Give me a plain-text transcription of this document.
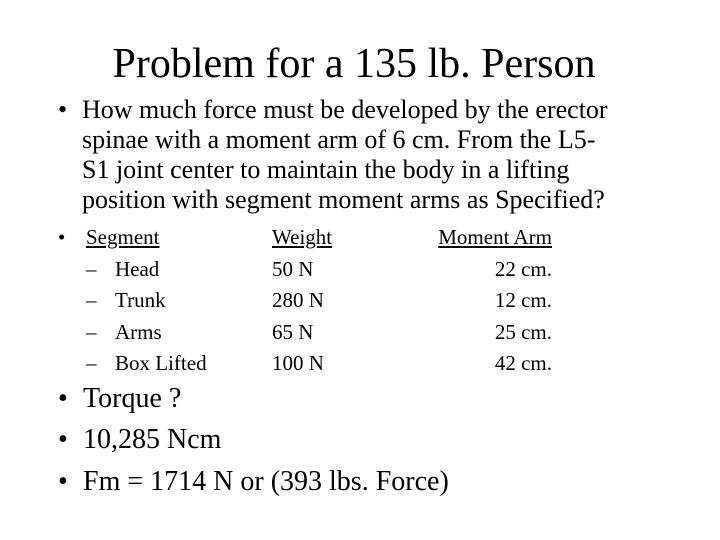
Problem for a 135 lb. Person
• How much force must be developed by the erector
spinae with a moment arm of 6 cm. From the L5-
S1 joint center to maintain the body in a lifting
position with segment moment arms as Specified?
• Segment
– Head
– Trunk
– Arms
– Box Lifted
Weight
50 N
280 N
65 N
100 N
Moment Arm
22 cm.
12 cm.
25 cm.
42 cm.
• Torque ?
• 10,285 Ncm
• Fm = 1714 N or (393 lbs. Force)
